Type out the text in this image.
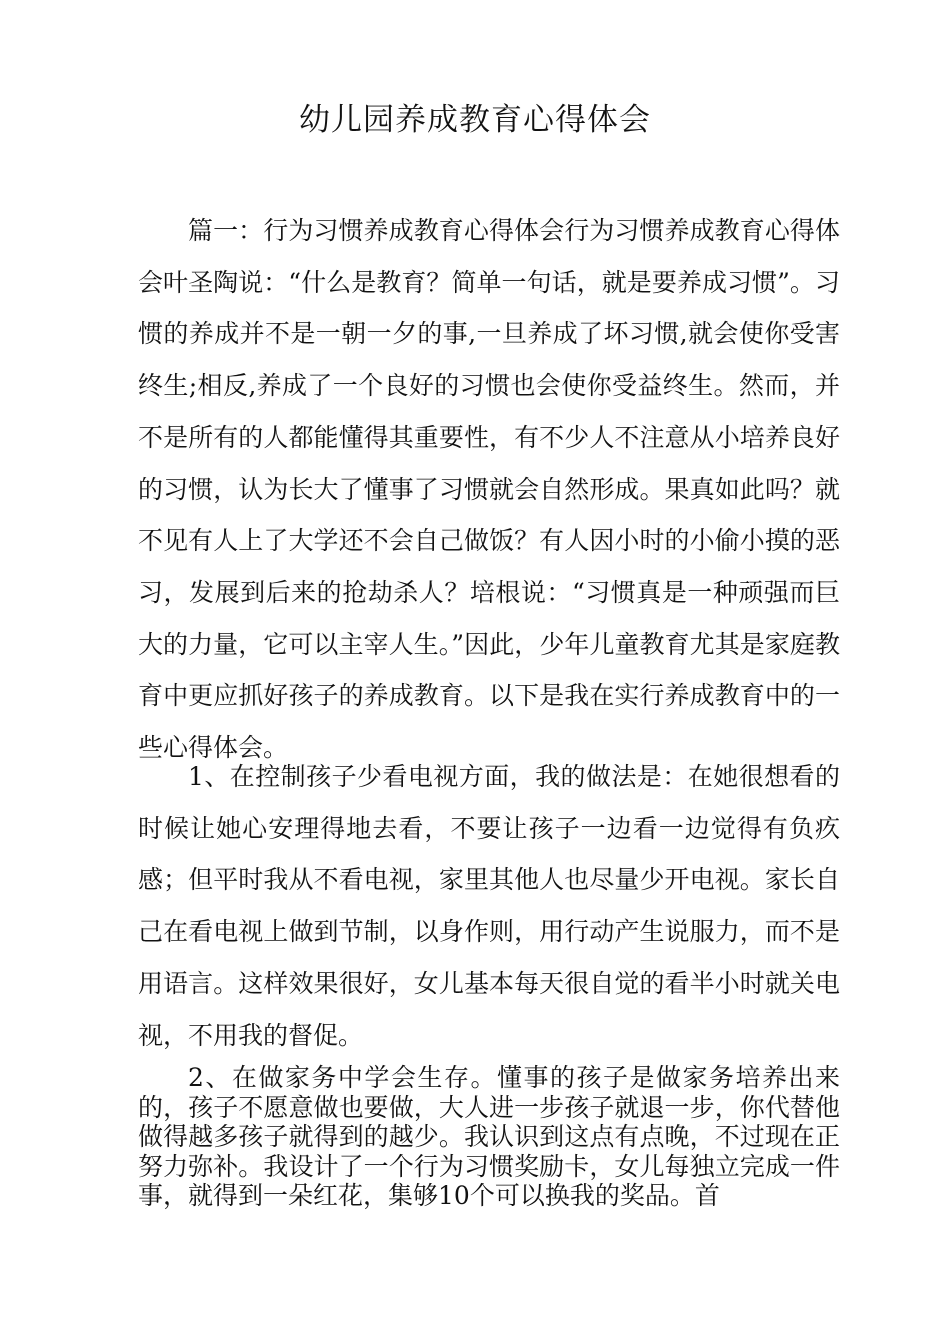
幼儿园养成教育心得体会

篇一：行为习惯养成教育心得体会行为习惯养成教育心得体会叶圣陶说：“什么是教育？简单一句话，就是要养成习惯”。习惯的养成并不是一朝一夕的事,一旦养成了坏习惯,就会使你受害终生;相反,养成了一个良好的习惯也会使你受益终生。然而，并不是所有的人都能懂得其重要性，有不少人不注意从小培养良好的习惯，认为长大了懂事了习惯就会自然形成。果真如此吗？就不见有人上了大学还不会自己做饭？有人因小时的小偷小摸的恶习，发展到后来的抢劫杀人？培根说：“习惯真是一种顽强而巨大的力量，它可以主宰人生。”因此，少年儿童教育尤其是家庭教育中更应抓好孩子的养成教育。以下是我在实行养成教育中的一些心得体会。

1、在控制孩子少看电视方面，我的做法是：在她很想看的时候让她心安理得地去看，不要让孩子一边看一边觉得有负疚感；但平时我从不看电视，家里其他人也尽量少开电视。家长自己在看电视上做到节制，以身作则，用行动产生说服力，而不是用语言。这样效果很好，女儿基本每天很自觉的看半小时就关电视，不用我的督促。

2、在做家务中学会生存。懂事的孩子是做家务培养出来的，孩子不愿意做也要做，大人进一步孩子就退一步，你代替他做得越多孩子就得到的越少。我认识到这点有点晚，不过现在正努力弥补。我设计了一个行为习惯奖励卡，女儿每独立完成一件事，就得到一朵红花，集够10个可以换我的奖品。首
